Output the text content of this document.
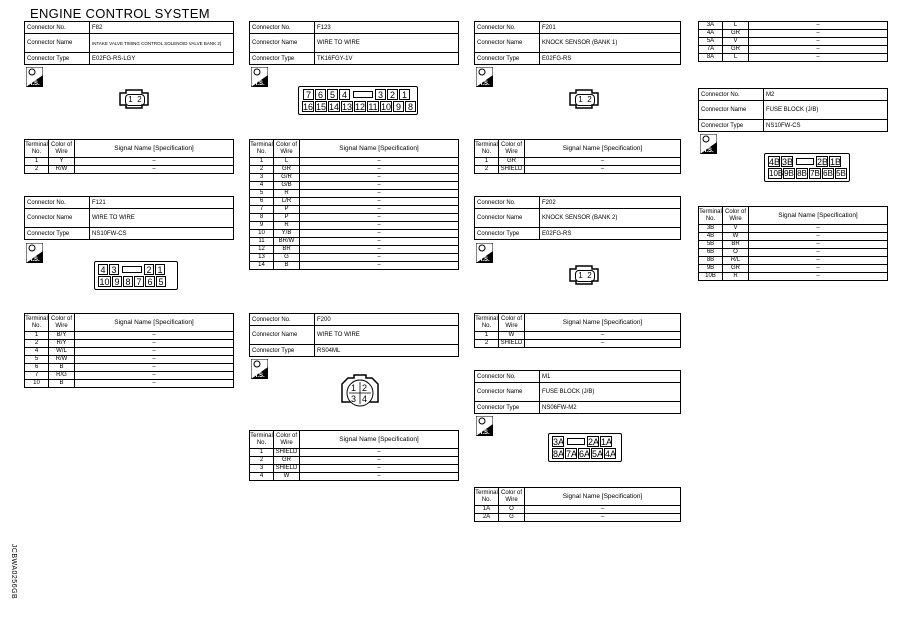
ENGINE CONTROL SYSTEM
JCBWA0256GB
Connector No.	F82
Connector Name	INTAKE VALVE TIMING CONTROL SOLENOID VALVE BANK 2)
Connector Type	E02FG-RS-LGY
H.S.
1 2
Terminal No.	Color of Wire	Signal Name [Specification]
1	Y	–
2	R/W	–
Connector No.	F121
Connector Name	WIRE TO WIRE
Connector Type	NS10FW-CS
H.S.
4 3	2 1
10 9 8 7 6 5
Terminal No.	Color of Wire	Signal Name [Specification]
1	B/Y	–
2	R/Y	–
4	W/L	–
5	R/W	–
6	B	–
7	R/G	–
10	B	–
Connector No.	F123
Connector Name	WIRE TO WIRE
Connector Type	TK16FGY-1V
H.S.
7 6 5 4	3 2 1
16 15 14 13 12 11 10 9 8
Terminal No.	Color of Wire	Signal Name [Specification]
1	L	–
2	GR	–
3	G/R	–
4	G/B	–
5	R	–
6	L/R	–
7	P	–
8	P	–
9	R	–
10	Y/B	–
11	BR/W	–
12	BR	–
13	G	–
14	B	–
Connector No.	F200
Connector Name	WIRE TO WIRE
Connector Type	RS04ML
H.S.
1 2
3 4
Terminal No.	Color of Wire	Signal Name [Specification]
1	SHIELD	–
2	GR	–
3	SHIELD	–
4	W	–
Connector No.	F201
Connector Name	KNOCK SENSOR (BANK 1)
Connector Type	E02FG-RS
H.S.
1 2
Terminal No.	Color of Wire	Signal Name [Specification]
1	GR	–
2	SHIELD	–
Connector No.	F202
Connector Name	KNOCK SENSOR (BANK 2)
Connector Type	E02FG-RS
H.S.
1 2
Terminal No.	Color of Wire	Signal Name [Specification]
1	W	–
2	SHIELD	–
Connector No.	M1
Connector Name	FUSE BLOCK (J/B)
Connector Type	NS06FW-M2
H.S.
3A	2A 1A
8A 7A 6A 5A 4A
Terminal No.	Color of Wire	Signal Name [Specification]
1A	O	–
2A	G	–
3A	L	–
4A	GR	–
5A	V	–
7A	GR	–
8A	L	–
Connector No.	M2
Connector Name	FUSE BLOCK (J/B)
Connector Type	NS10FW-CS
H.S.
4B 3B	2B 1B
10B 9B 8B 7B 6B 5B
Terminal No.	Color of Wire	Signal Name [Specification]
3B	V	–
4B	W	–
5B	BR	–
6B	O	–
8B	R/L	–
9B	GR	–
10B	R	–
